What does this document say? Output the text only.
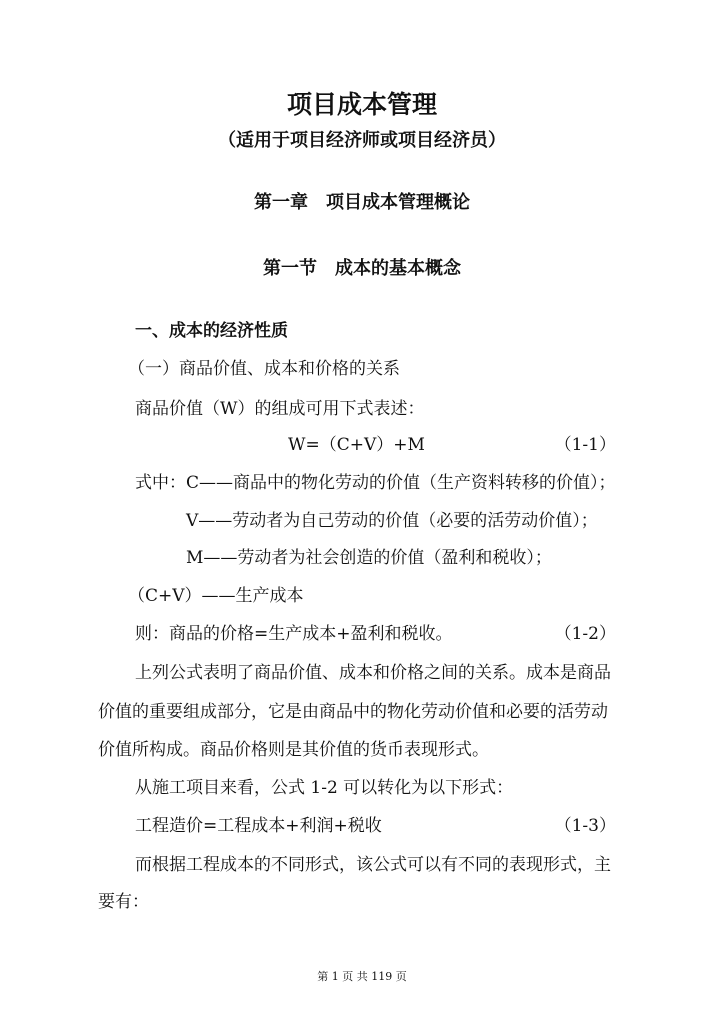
项目成本管理
（适用于项目经济师或项目经济员）
第一章 项目成本管理概论
第一节 成本的基本概念
一、成本的经济性质
（一）商品价值、成本和价格的关系
商品价值（W）的组成可用下式表述：
W=（C+V）+M	（1-1）
式中：C——商品中的物化劳动的价值（生产资料转移的价值）；
V——劳动者为自己劳动的价值（必要的活劳动价值）；
M——劳动者为社会创造的价值（盈利和税收）；
（C+V）——生产成本
则：商品的价格=生产成本+盈利和税收。	（1-2）
上列公式表明了商品价值、成本和价格之间的关系。成本是商品
价值的重要组成部分，它是由商品中的物化劳动价值和必要的活劳动
价值所构成。商品价格则是其价值的货币表现形式。
从施工项目来看，公式 1-2 可以转化为以下形式：
工程造价=工程成本+利润+税收	（1-3）
而根据工程成本的不同形式，该公式可以有不同的表现形式，主
要有：
第 1 页 共 119 页
